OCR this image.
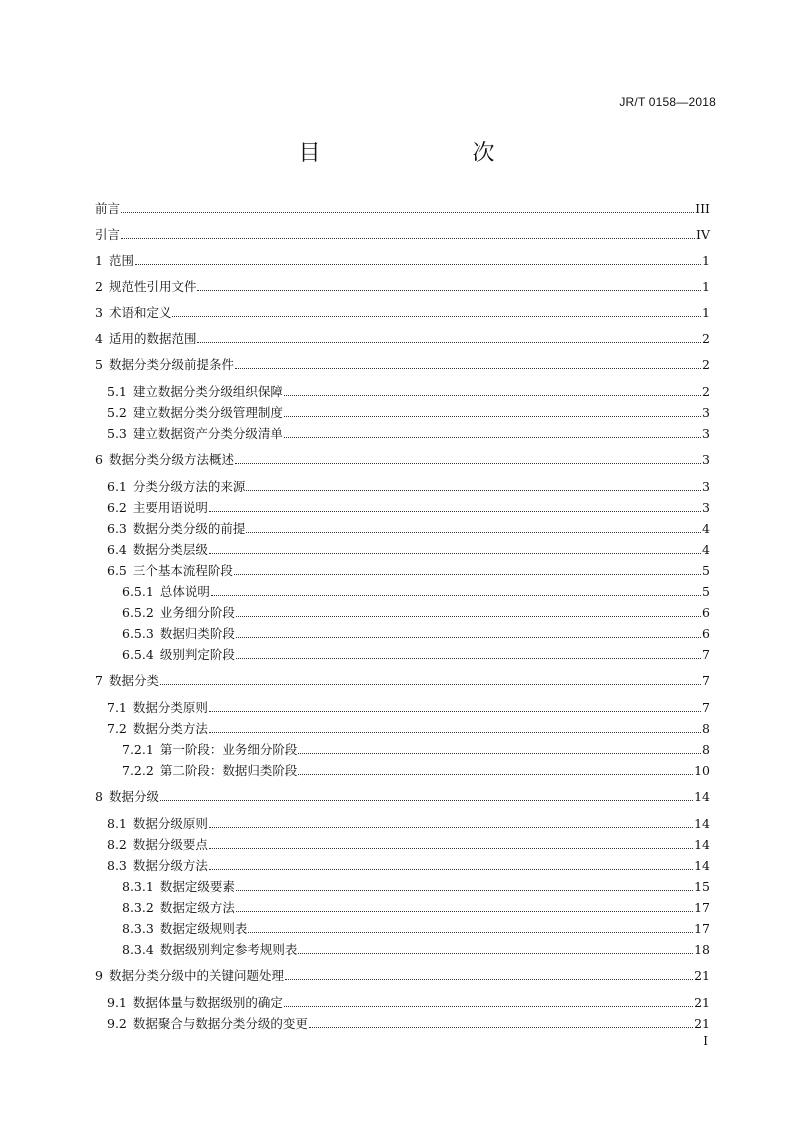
JR/T 0158—2018
目　　次
前言	III
引言	IV
1 范围	1
2 规范性引用文件	1
3 术语和定义	1
4 适用的数据范围	2
5 数据分类分级前提条件	2
5.1 建立数据分类分级组织保障	2
5.2 建立数据分类分级管理制度	3
5.3 建立数据资产分类分级清单	3
6 数据分类分级方法概述	3
6.1 分类分级方法的来源	3
6.2 主要用语说明	3
6.3 数据分类分级的前提	4
6.4 数据分类层级	4
6.5 三个基本流程阶段	5
6.5.1 总体说明	5
6.5.2 业务细分阶段	6
6.5.3 数据归类阶段	6
6.5.4 级别判定阶段	7
7 数据分类	7
7.1 数据分类原则	7
7.2 数据分类方法	8
7.2.1 第一阶段：业务细分阶段	8
7.2.2 第二阶段：数据归类阶段	10
8 数据分级	14
8.1 数据分级原则	14
8.2 数据分级要点	14
8.3 数据分级方法	14
8.3.1 数据定级要素	15
8.3.2 数据定级方法	17
8.3.3 数据定级规则表	17
8.3.4 数据级别判定参考规则表	18
9 数据分类分级中的关键问题处理	21
9.1 数据体量与数据级别的确定	21
9.2 数据聚合与数据分类分级的变更	21
I
